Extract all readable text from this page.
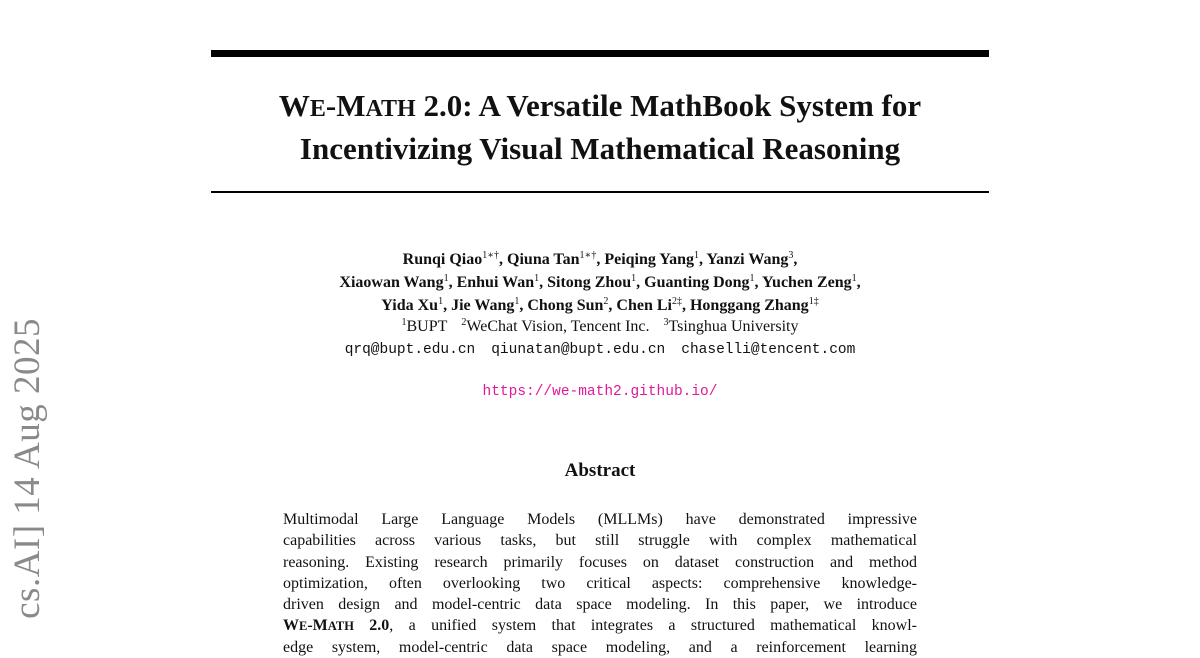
cs.AI] 14 Aug 2025
WE-MATH 2.0: A Versatile MathBook System for
Incentivizing Visual Mathematical Reasoning
Runqi Qiao$^{1∗\dagger}$, Qiuna Tan$^{1∗\dagger}$, Peiqing Yang$^1$, Yanzi Wang$^3$,
Xiaowan Wang$^1$, Enhui Wan$^1$, Sitong Zhou$^1$, Guanting Dong$^1$, Yuchen Zeng$^1$,
Yida Xu$^1$, Jie Wang$^1$, Chong Sun$^2$, Chen $Li^{2\ddagger}$, Honggang Zhang$^{1\ddagger}$
$^1$BUPT $^2$WeChat Vision, Tencent Inc. $^3$Tsinghua University
qrq@bupt.edu.cn qiunatan@bupt.edu.cn chaselli@tencent.com
https://we-math2.github.io/
Abstract
Multimodal Large Language Models (MLLMs) have demonstrated impressive
capabilities across various tasks, but still struggle with complex mathematical
reasoning. Existing research primarily focuses on dataset construction and method
optimization, often overlooking two critical aspects: comprehensive knowledge-
driven design and model-centric data space modeling. In this paper, we introduce
WE-MATH 2.0, a unified system that integrates a structured mathematical knowl-
edge system, model-centric data space modeling, and a reinforcement learning
